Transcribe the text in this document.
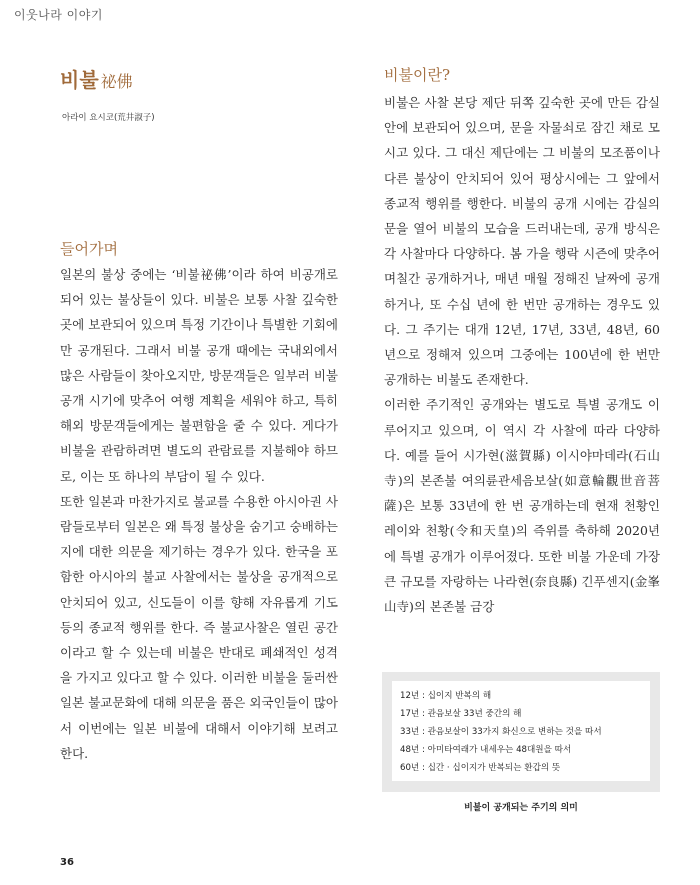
이웃나라 이야기
비불 祕佛
아라이 요시코(荒井淑子)
들어가며

일본의 불상 중에는 ‘비불祕佛’이라 하여 비공개로 되어 있는 불상들이 있다. 비불은 보통 사찰 깊숙한 곳에 보관되어 있으며 특정 기간이나 특별한 기회에만 공개된다. 그래서 비불 공개 때에는 국내외에서 많은 사람들이 찾아오지만, 방문객들은 일부러 비불 공개 시기에 맞추어 여행 계획을 세워야 하고, 특히 해외 방문객들에게는 불편함을 줄 수 있다. 게다가 비불을 관람하려면 별도의 관람료를 지불해야 하므로, 이는 또 하나의 부담이 될 수 있다.

또한 일본과 마찬가지로 불교를 수용한 아시아권 사람들로부터 일본은 왜 특정 불상을 숨기고 숭배하는지에 대한 의문을 제기하는 경우가 있다. 한국을 포함한 아시아의 불교 사찰에서는 불상을 공개적으로 안치되어 있고, 신도들이 이를 향해 자유롭게 기도 등의 종교적 행위를 한다. 즉 불교사찰은 열린 공간이라고 할 수 있는데 비불은 반대로 폐쇄적인 성격을 가지고 있다고 할 수 있다. 이러한 비불을 둘러싼 일본 불교문화에 대해 의문을 품은 외국인들이 많아서 이번에는 일본 비불에 대해서 이야기해 보려고 한다.

비불이란?

비불은 사찰 본당 제단 뒤쪽 깊숙한 곳에 만든 감실 안에 보관되어 있으며, 문을 자물쇠로 잠긴 채로 모시고 있다. 그 대신 제단에는 그 비불의 모조품이나 다른 불상이 안치되어 있어 평상시에는 그 앞에서 종교적 행위를 행한다. 비불의 공개 시에는 감실의 문을 열어 비불의 모습을 드러내는데, 공개 방식은 각 사찰마다 다양하다. 봄 가을 행락 시즌에 맞추어 며칠간 공개하거나, 매년 매월 정해진 날짜에 공개하거나, 또 수십 년에 한 번만 공개하는 경우도 있다. 그 주기는 대개 12년, 17년, 33년, 48년, 60년으로 정해져 있으며 그중에는 100년에 한 번만 공개하는 비불도 존재한다.

이러한 주기적인 공개와는 별도로 특별 공개도 이루어지고 있으며, 이 역시 각 사찰에 따라 다양하다. 예를 들어 시가현(滋賀縣) 이시야마데라(石山寺)의 본존불 여의륜관세음보살(如意輪觀世音菩薩)은 보통 33년에 한 번 공개하는데 현재 천황인 레이와 천황(令和天皇)의 즉위를 축하해 2020년에 특별 공개가 이루어졌다. 또한 비불 가운데 가장 큰 규모를 자랑하는 나라현(奈良縣) 긴푸센지(金峯山寺)의 본존불 금강

12년 : 십이지 반복의 해
17년 : 관음보살 33년 중간의 해
33년 : 관음보살이 33가지 화신으로 변하는 것을 따서
48년 : 아미타여래가 내세우는 48대원을 따서
60년 : 십간 · 십이지가 반복되는 환갑의 뜻
비불이 공개되는 주기의 의미
36
